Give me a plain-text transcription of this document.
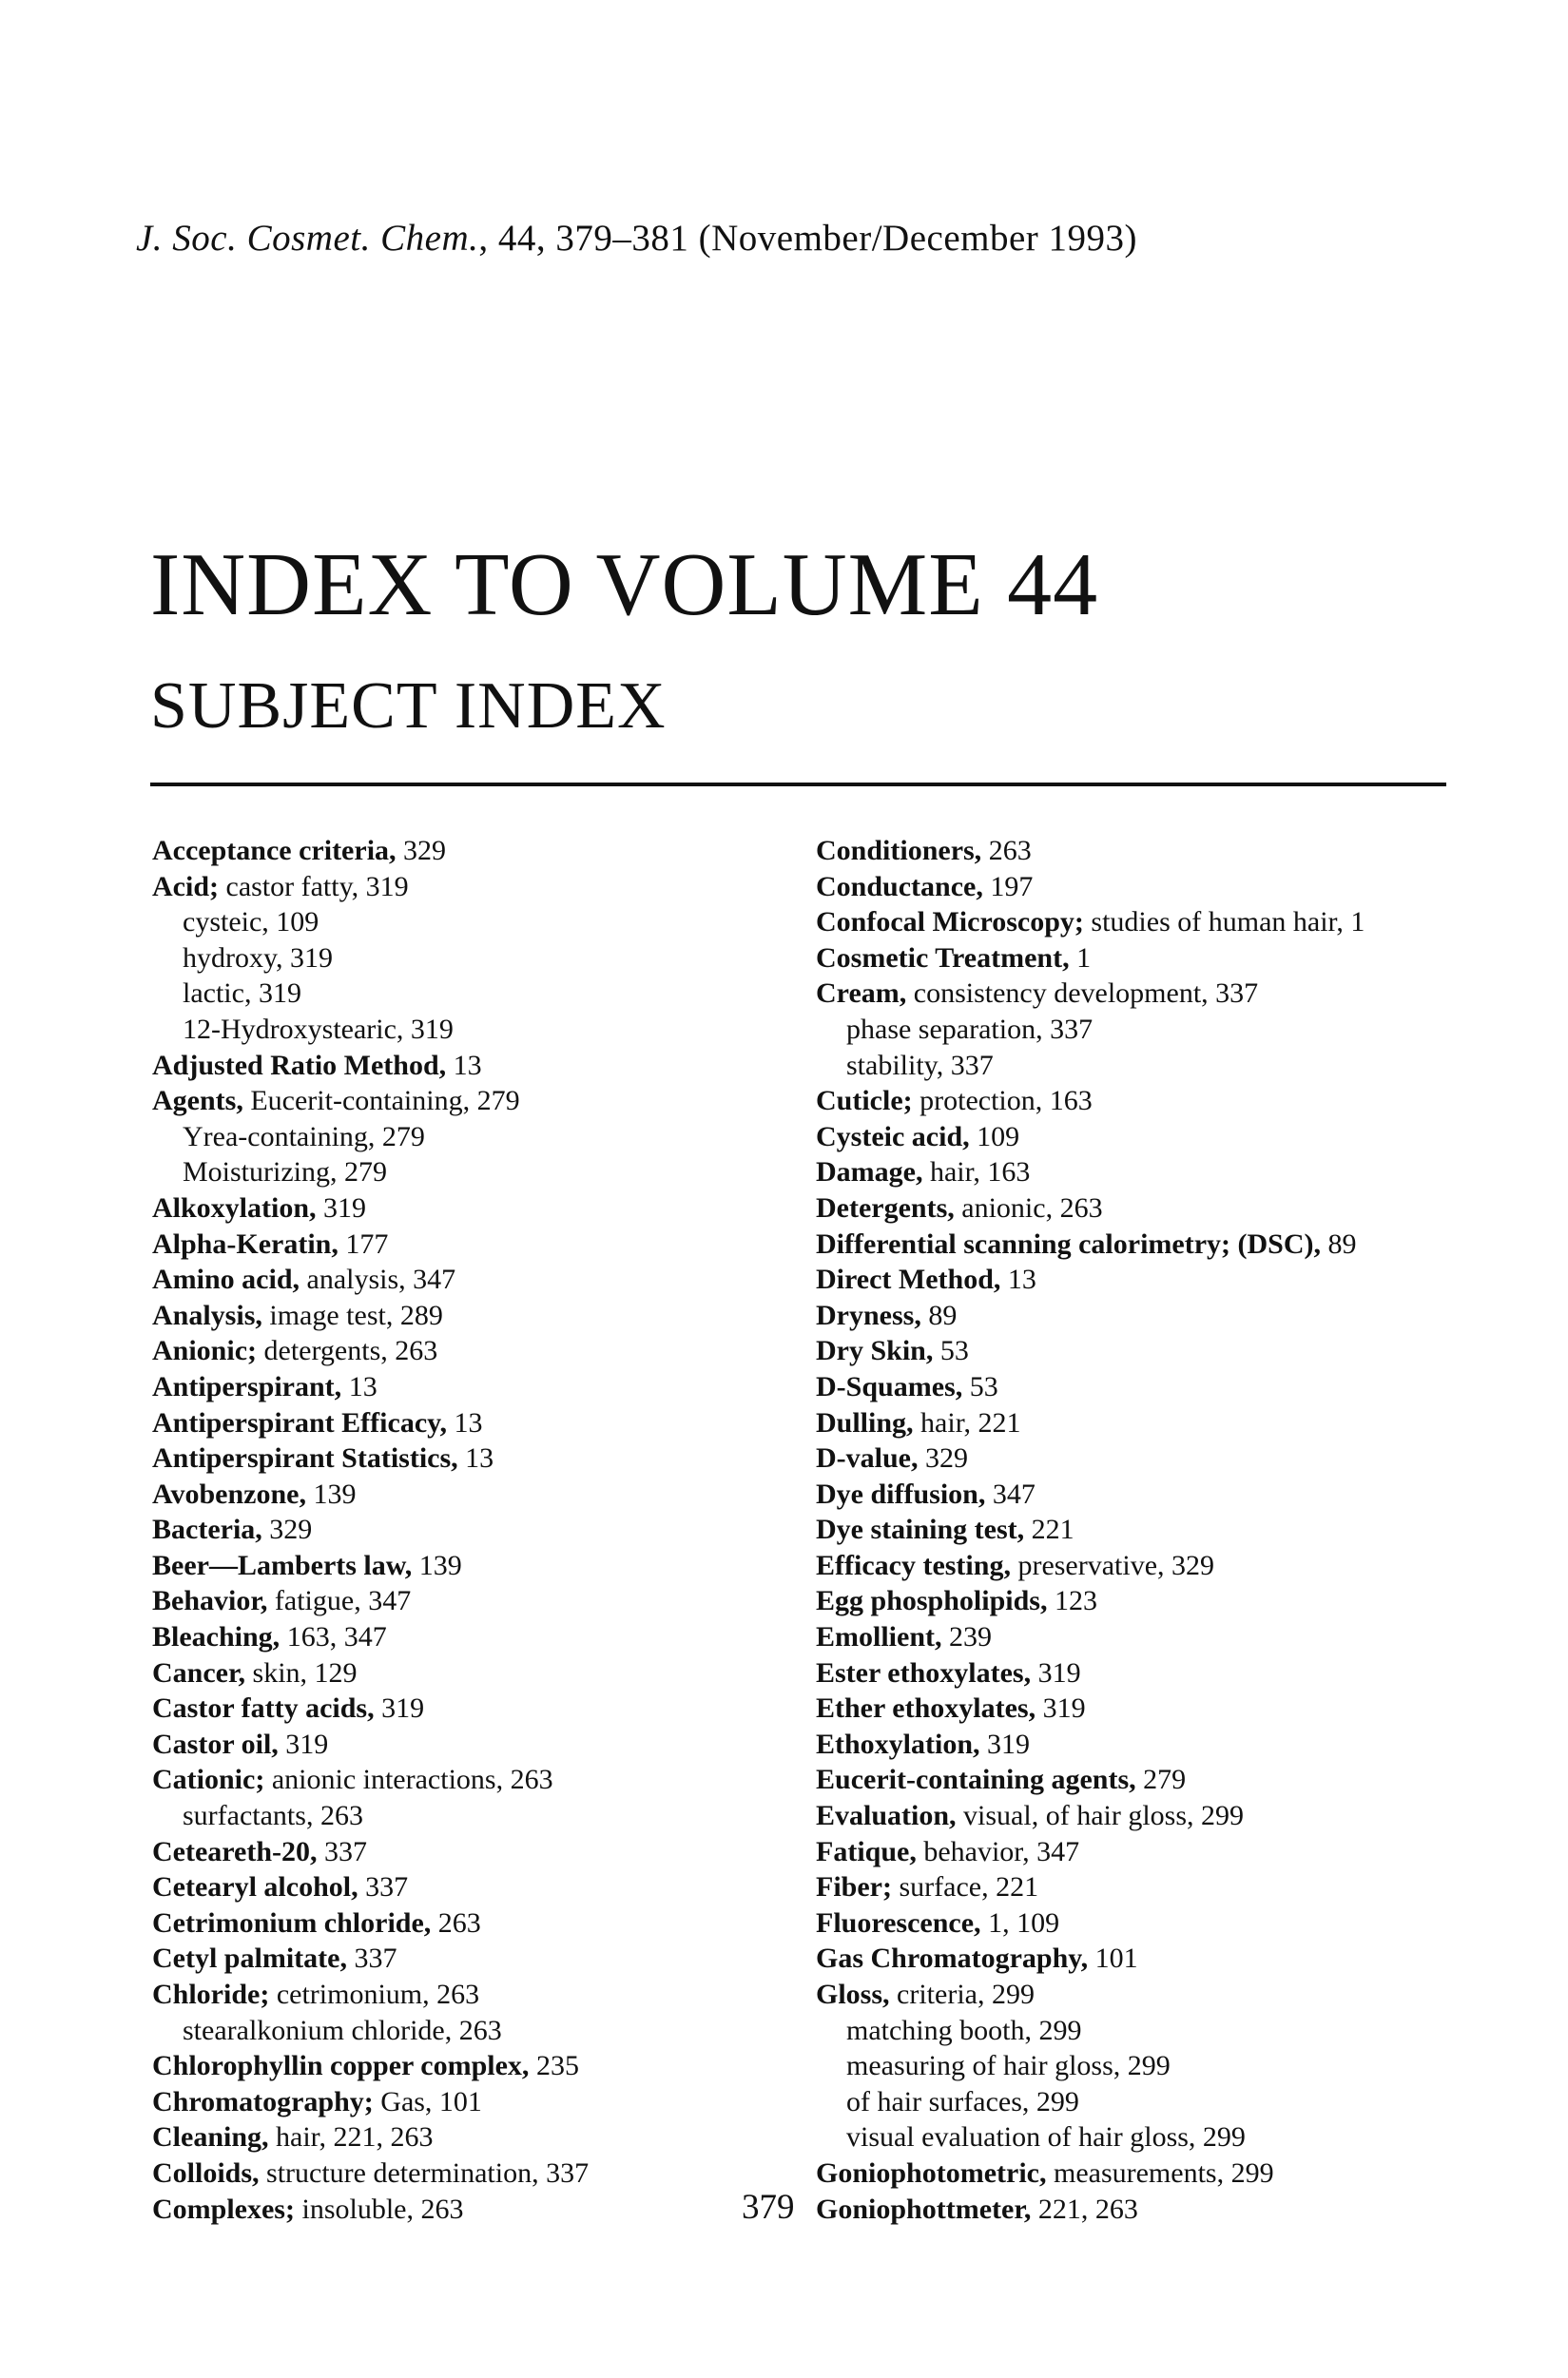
J. Soc. Cosmet. Chem., 44, 379–381 (November/December 1993)
INDEX TO VOLUME 44
SUBJECT INDEX
Acceptance criteria, 329
Acid; castor fatty, 319
cysteic, 109
hydroxy, 319
lactic, 319
12-Hydroxystearic, 319
Adjusted Ratio Method, 13
Agents, Eucerit-containing, 279
Yrea-containing, 279
Moisturizing, 279
Alkoxylation, 319
Alpha-Keratin, 177
Amino acid, analysis, 347
Analysis, image test, 289
Anionic; detergents, 263
Antiperspirant, 13
Antiperspirant Efficacy, 13
Antiperspirant Statistics, 13
Avobenzone, 139
Bacteria, 329
Beer—Lamberts law, 139
Behavior, fatigue, 347
Bleaching, 163, 347
Cancer, skin, 129
Castor fatty acids, 319
Castor oil, 319
Cationic; anionic interactions, 263
surfactants, 263
Ceteareth-20, 337
Cetearyl alcohol, 337
Cetrimonium chloride, 263
Cetyl palmitate, 337
Chloride; cetrimonium, 263
stearalkonium chloride, 263
Chlorophyllin copper complex, 235
Chromatography; Gas, 101
Cleaning, hair, 221, 263
Colloids, structure determination, 337
Complexes; insoluble, 263
Conditioners, 263
Conductance, 197
Confocal Microscopy; studies of human hair, 1
Cosmetic Treatment, 1
Cream, consistency development, 337
phase separation, 337
stability, 337
Cuticle; protection, 163
Cysteic acid, 109
Damage, hair, 163
Detergents, anionic, 263
Differential scanning calorimetry; (DSC), 89
Direct Method, 13
Dryness, 89
Dry Skin, 53
D-Squames, 53
Dulling, hair, 221
D-value, 329
Dye diffusion, 347
Dye staining test, 221
Efficacy testing, preservative, 329
Egg phospholipids, 123
Emollient, 239
Ester ethoxylates, 319
Ether ethoxylates, 319
Ethoxylation, 319
Eucerit-containing agents, 279
Evaluation, visual, of hair gloss, 299
Fatique, behavior, 347
Fiber; surface, 221
Fluorescence, 1, 109
Gas Chromatography, 101
Gloss, criteria, 299
matching booth, 299
measuring of hair gloss, 299
of hair surfaces, 299
visual evaluation of hair gloss, 299
Goniophotometric, measurements, 299
Goniophottmeter, 221, 263
379
